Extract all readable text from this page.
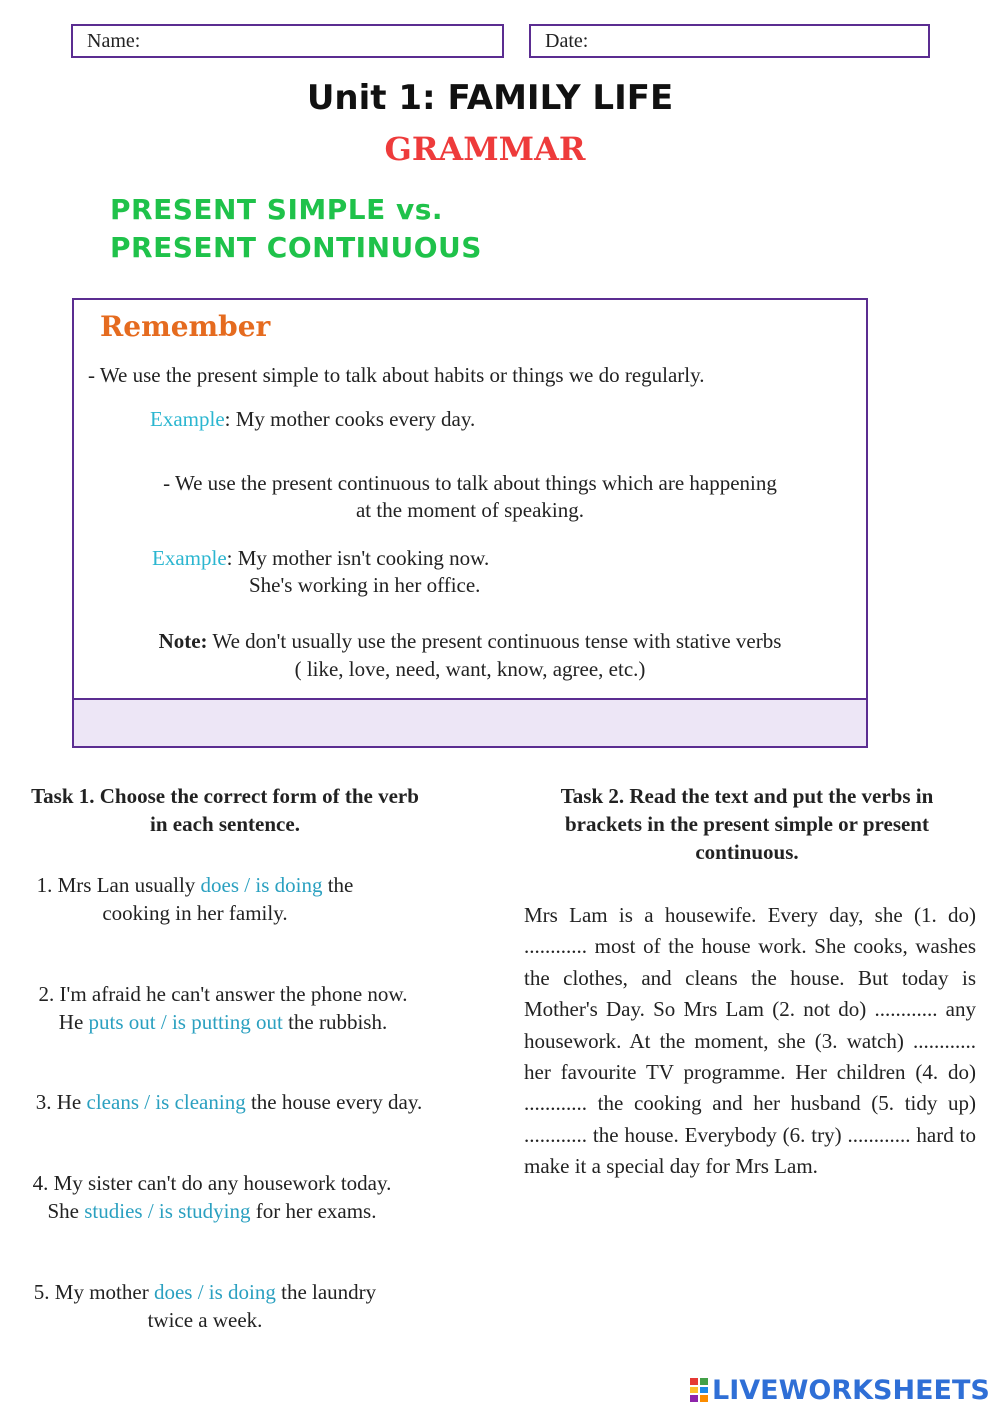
Name:	Date:
Unit 1: FAMILY LIFE
GRAMMAR
PRESENT SIMPLE vs.
PRESENT CONTINUOUS
Remember
- We use the present simple to talk about habits or things we do regularly.
Example: My mother cooks every day.
- We use the present continuous to talk about things which are happening
at the moment of speaking.
Example: My mother isn't cooking now.
She's working in her office.
Note: We don't usually use the present continuous tense with stative verbs
( like, love, need, want, know, agree, etc.)
Task 1. Choose the correct form of the verb in each sentence.
1. Mrs Lan usually does / is doing the
cooking in her family.
2. I'm afraid he can't answer the phone now.
He puts out / is putting out the rubbish.
3. He cleans / is cleaning the house every day.
4. My sister can't do any housework today.
She studies / is studying for her exams.
5. My mother does / is doing the laundry
twice a week.
Task 2. Read the text and put the verbs in brackets in the present simple or present continuous.
Mrs Lam is a housewife. Every day, she (1. do) ............ most of the house work. She cooks, washes the clothes, and cleans the house. But today is Mother's Day. So Mrs Lam (2. not do) ............ any housework. At the moment, she (3. watch) ............ her favourite TV programme. Her children (4. do) ............ the cooking and her husband (5. tidy up) ............ the house. Everybody (6. try) ............ hard to make it a special day for Mrs Lam.
LIVEWORKSHEETS
